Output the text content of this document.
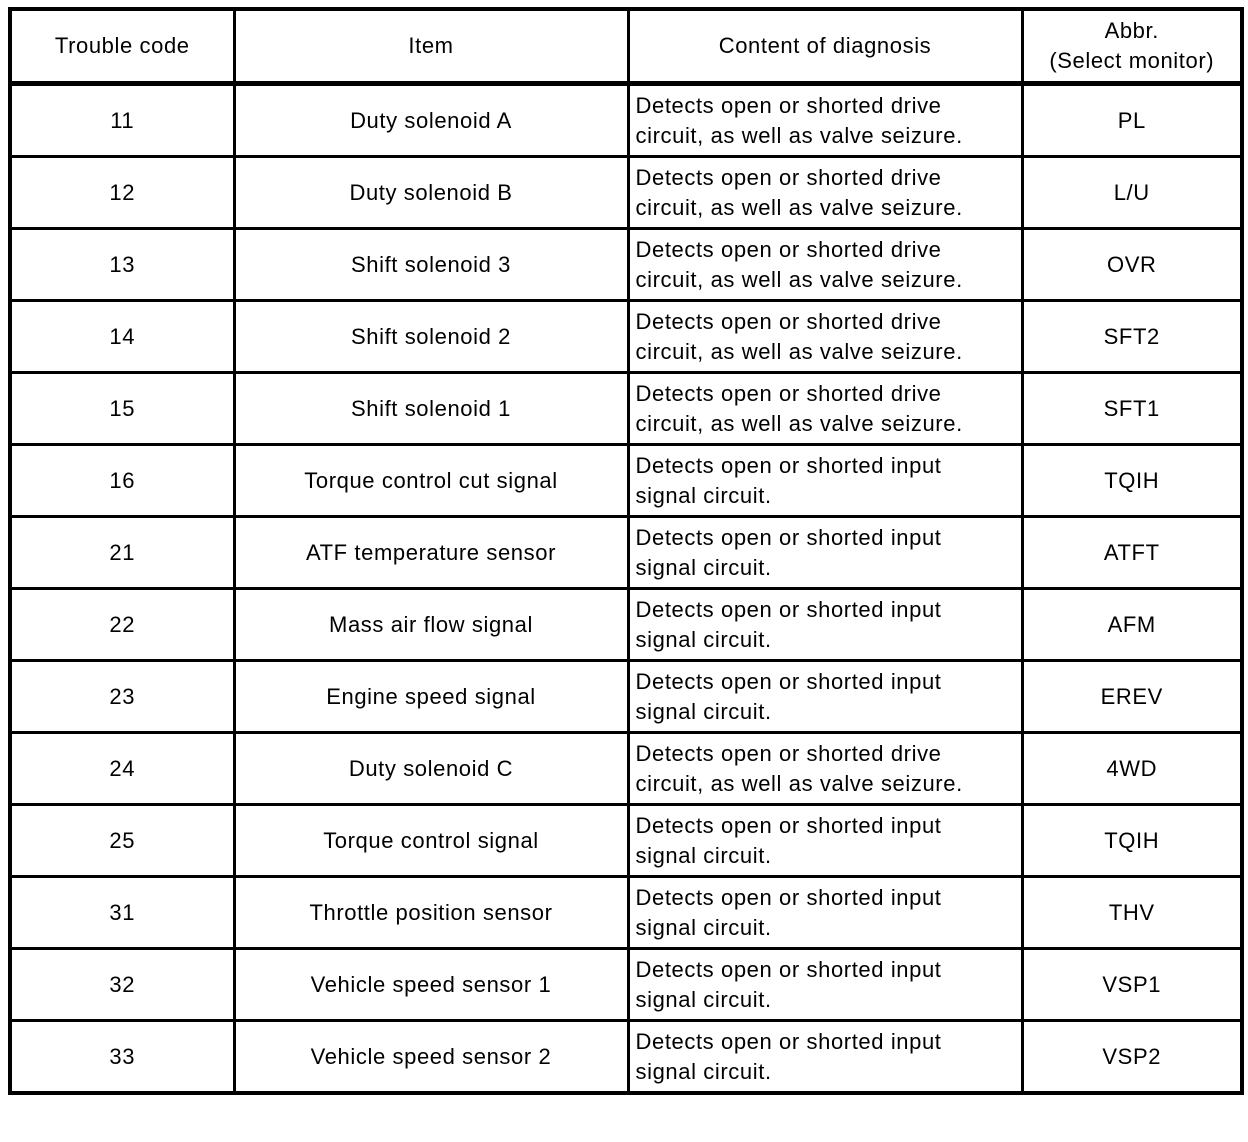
Trouble code	Item	Content of diagnosis	Abbr.
(Select monitor)

11	Duty solenoid A	Detects open or shorted drive
circuit, as well as valve seizure.	PL
12	Duty solenoid B	Detects open or shorted drive
circuit, as well as valve seizure.	L/U
13	Shift solenoid 3	Detects open or shorted drive
circuit, as well as valve seizure.	OVR
14	Shift solenoid 2	Detects open or shorted drive
circuit, as well as valve seizure.	SFT2
15	Shift solenoid 1	Detects open or shorted drive
circuit, as well as valve seizure.	SFT1
16	Torque control cut signal	Detects open or shorted input
signal circuit.	TQIH
21	ATF temperature sensor	Detects open or shorted input
signal circuit.	ATFT
22	Mass air flow signal	Detects open or shorted input
signal circuit.	AFM
23	Engine speed signal	Detects open or shorted input
signal circuit.	EREV
24	Duty solenoid C	Detects open or shorted drive
circuit, as well as valve seizure.	4WD
25	Torque control signal	Detects open or shorted input
signal circuit.	TQIH
31	Throttle position sensor	Detects open or shorted input
signal circuit.	THV
32	Vehicle speed sensor 1	Detects open or shorted input
signal circuit.	VSP1
33	Vehicle speed sensor 2	Detects open or shorted input
signal circuit.	VSP2
